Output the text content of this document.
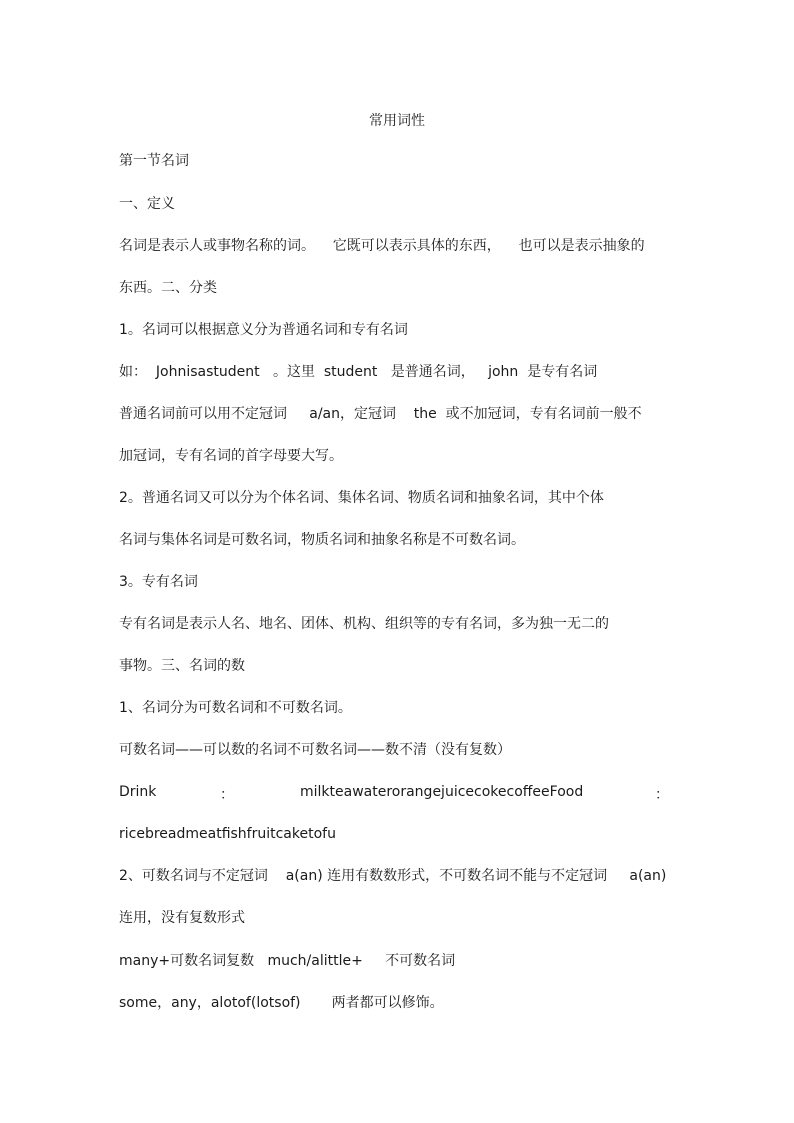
常用词性
第一节名词
一、定义
名词是表示人或事物名称的词。    它既可以表示具体的东西，    也可以是表示抽象的
东西。二、分类
1。名词可以根据意义分为普通名词和专有名词
如：  Johnisastudent   。这里  student   是普通名词，   john  是专有名词
普通名词前可以用不定冠词     a/an，定冠词    the  或不加冠词，专有名词前一般不
加冠词，专有名词的首字母要大写。
2。普通名词又可以分为个体名词、集体名词、物质名词和抽象名词，其中个体
名词与集体名词是可数名词，物质名词和抽象名称是不可数名词。
3。专有名词
专有名词是表示人名、地名、团体、机构、组织等的专有名词，多为独一无二的
事物。三、名词的数
1、名词分为可数名词和不可数名词。
可数名词——可以数的名词不可数名词——数不清（没有复数）

Drink

	：

	milkteawaterorangejuicecokecoffeeFood

	：

ricebreadmeatfishfruitcaketofu
2、可数名词与不定冠词    a(an) 连用有数数形式，不可数名词不能与不定冠词     a(an)
连用，没有复数形式
many+可数名词复数   much/alittle+     不可数名词
some，any，alotof(lotsof)       两者都可以修饰。
